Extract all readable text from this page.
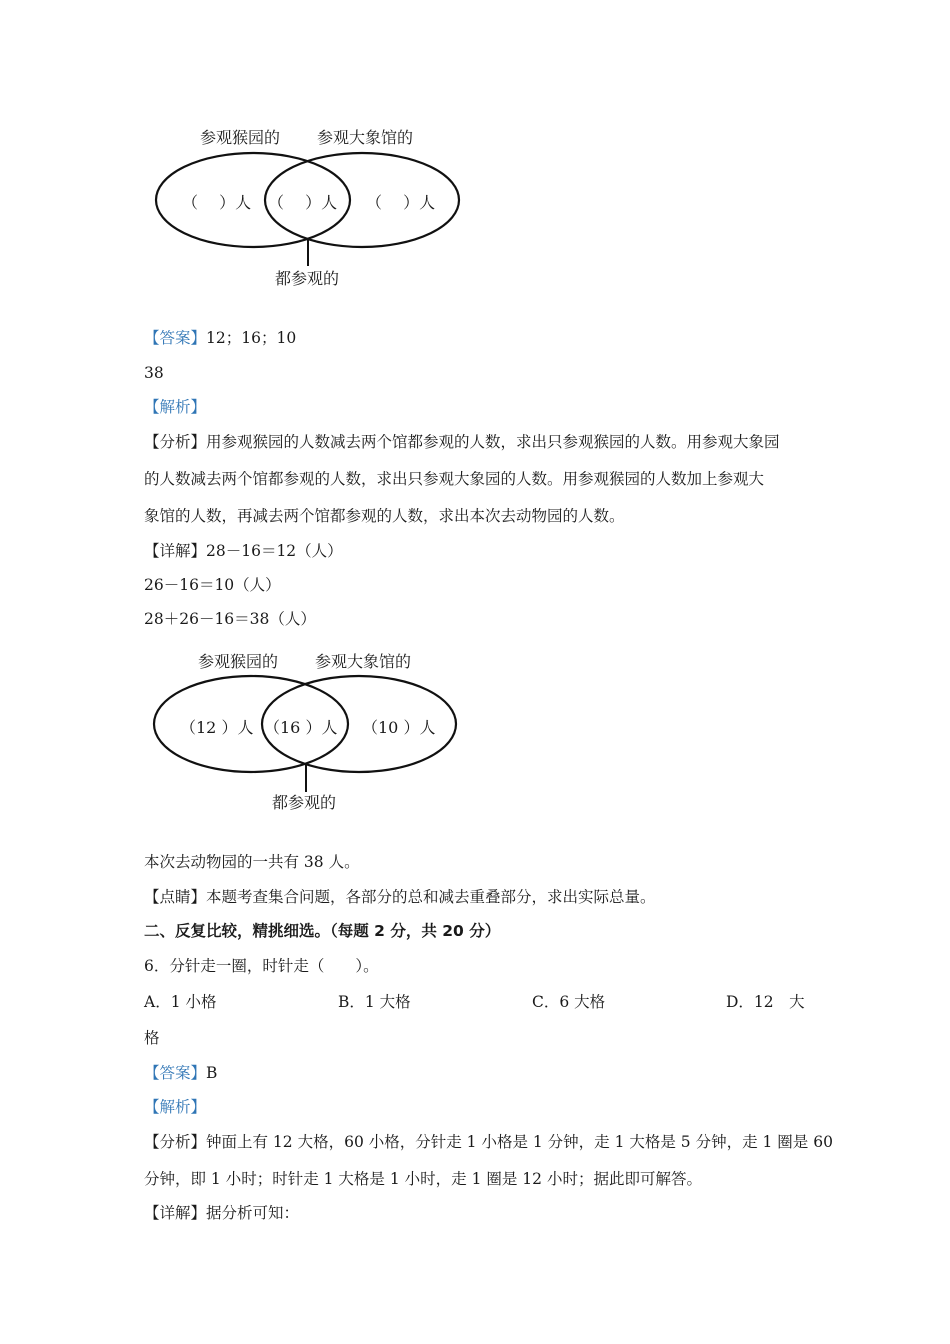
参观猴园的 参观大象馆的
（　 ）人 （　 ）人 （　 ）人
都参观的
【答案】12；16；10
38
【解析】
【分析】用参观猴园的人数减去两个馆都参观的人数，求出只参观猴园的人数。用参观大象园
的人数减去两个馆都参观的人数，求出只参观大象园的人数。用参观猴园的人数加上参观大
象馆的人数，再减去两个馆都参观的人数，求出本次去动物园的人数。
【详解】28－16＝12（人）
26－16＝10（人）
28＋26－16＝38（人）
参观猴园的 参观大象馆的
（12 ）人 （16 ）人 （10 ）人
都参观的
本次去动物园的一共有 38 人。
【点睛】本题考查集合问题，各部分的总和减去重叠部分，求出实际总量。
二、反复比较，精挑细选。（每题 2 分，共 20 分）
6．分针走一圈，时针走（　　）。
A．1 小格	B．1 大格	C．6 大格	D．12　大
格
【答案】B
【解析】
【分析】钟面上有 12 大格，60 小格，分针走 1 小格是 1 分钟，走 1 大格是 5 分钟，走 1 圈是 60
分钟，即 1 小时；时针走 1 大格是 1 小时，走 1 圈是 12 小时；据此即可解答。
【详解】据分析可知：
